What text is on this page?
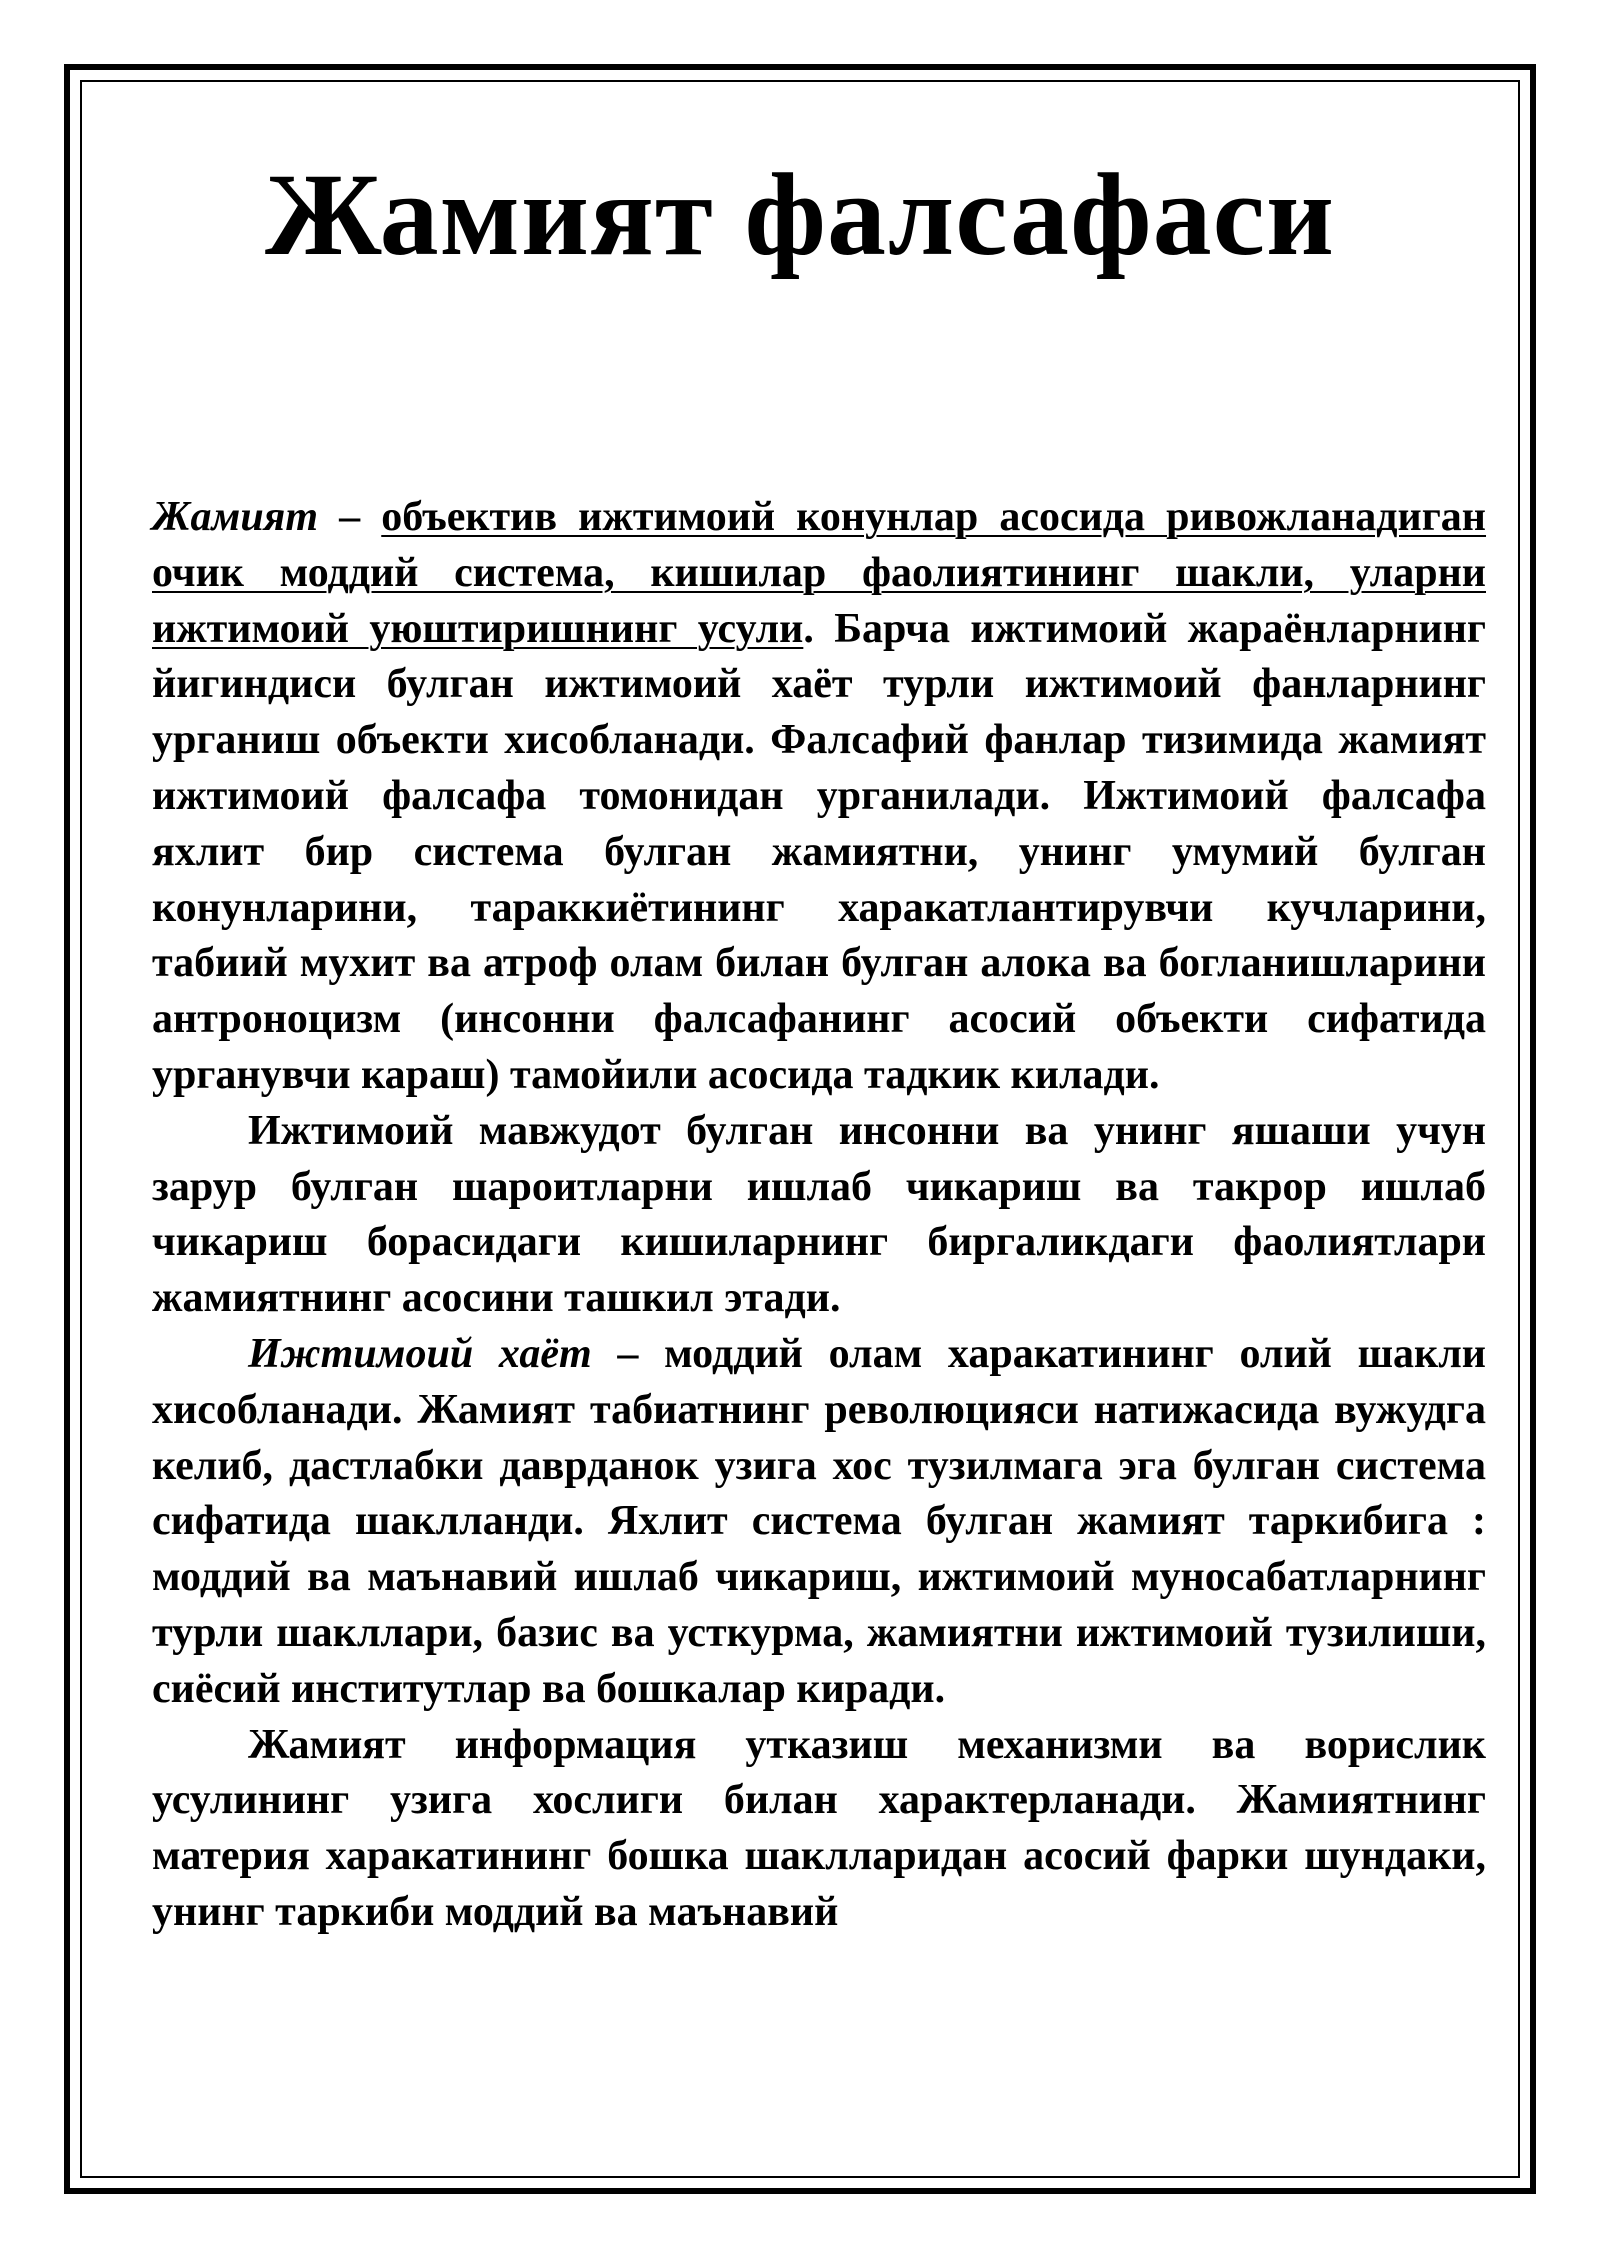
Жамият фалсафаси

Жамият – объектив ижтимоий конунлар асосида ривожланадиган очик моддий система, кишилар фаолиятининг шакли, уларни ижтимоий уюштиришнинг усули. Барча ижтимоий жараёнларнинг йигиндиси булган ижтимоий хаёт турли ижтимоий фанларнинг урганиш объекти хисобланади. Фалсафий фанлар тизимида жамият ижтимоий фалсафа томонидан урганилади. Ижтимоий фалсафа яхлит бир система булган жамиятни, унинг умумий булган конунларини, тараккиётининг харакатлантирувчи кучларини, табиий мухит ва атроф олам билан булган алока ва богланишларини антроноцизм (инсонни фалсафанинг асосий объекти сифатида урганувчи караш) тамойили асосида тадкик килади.

Ижтимоий мавжудот булган инсонни ва унинг яшаши учун зарур булган шароитларни ишлаб чикариш ва такрор ишлаб чикариш борасидаги кишиларнинг биргаликдаги фаолиятлари жамиятнинг асосини ташкил этади.

Ижтимоий хаёт – моддий олам харакатининг олий шакли хисобланади. Жамият табиатнинг революцияси натижасида вужудга келиб, дастлабки даврданок узига хос тузилмага эга булган система сифатида шаклланди. Яхлит система булган жамият таркибига : моддий ва маънавий ишлаб чикариш, ижтимоий муносабатларнинг турли шакллари, базис ва усткурма, жамиятни ижтимоий тузилиши, сиёсий институтлар ва бошкалар киради.

Жамият информация утказиш механизми ва ворислик усулининг узига хослиги билан характерланади. Жамиятнинг материя харакатининг бошка шаклларидан асосий фарки шундаки, унинг таркиби моддий ва маънавий
